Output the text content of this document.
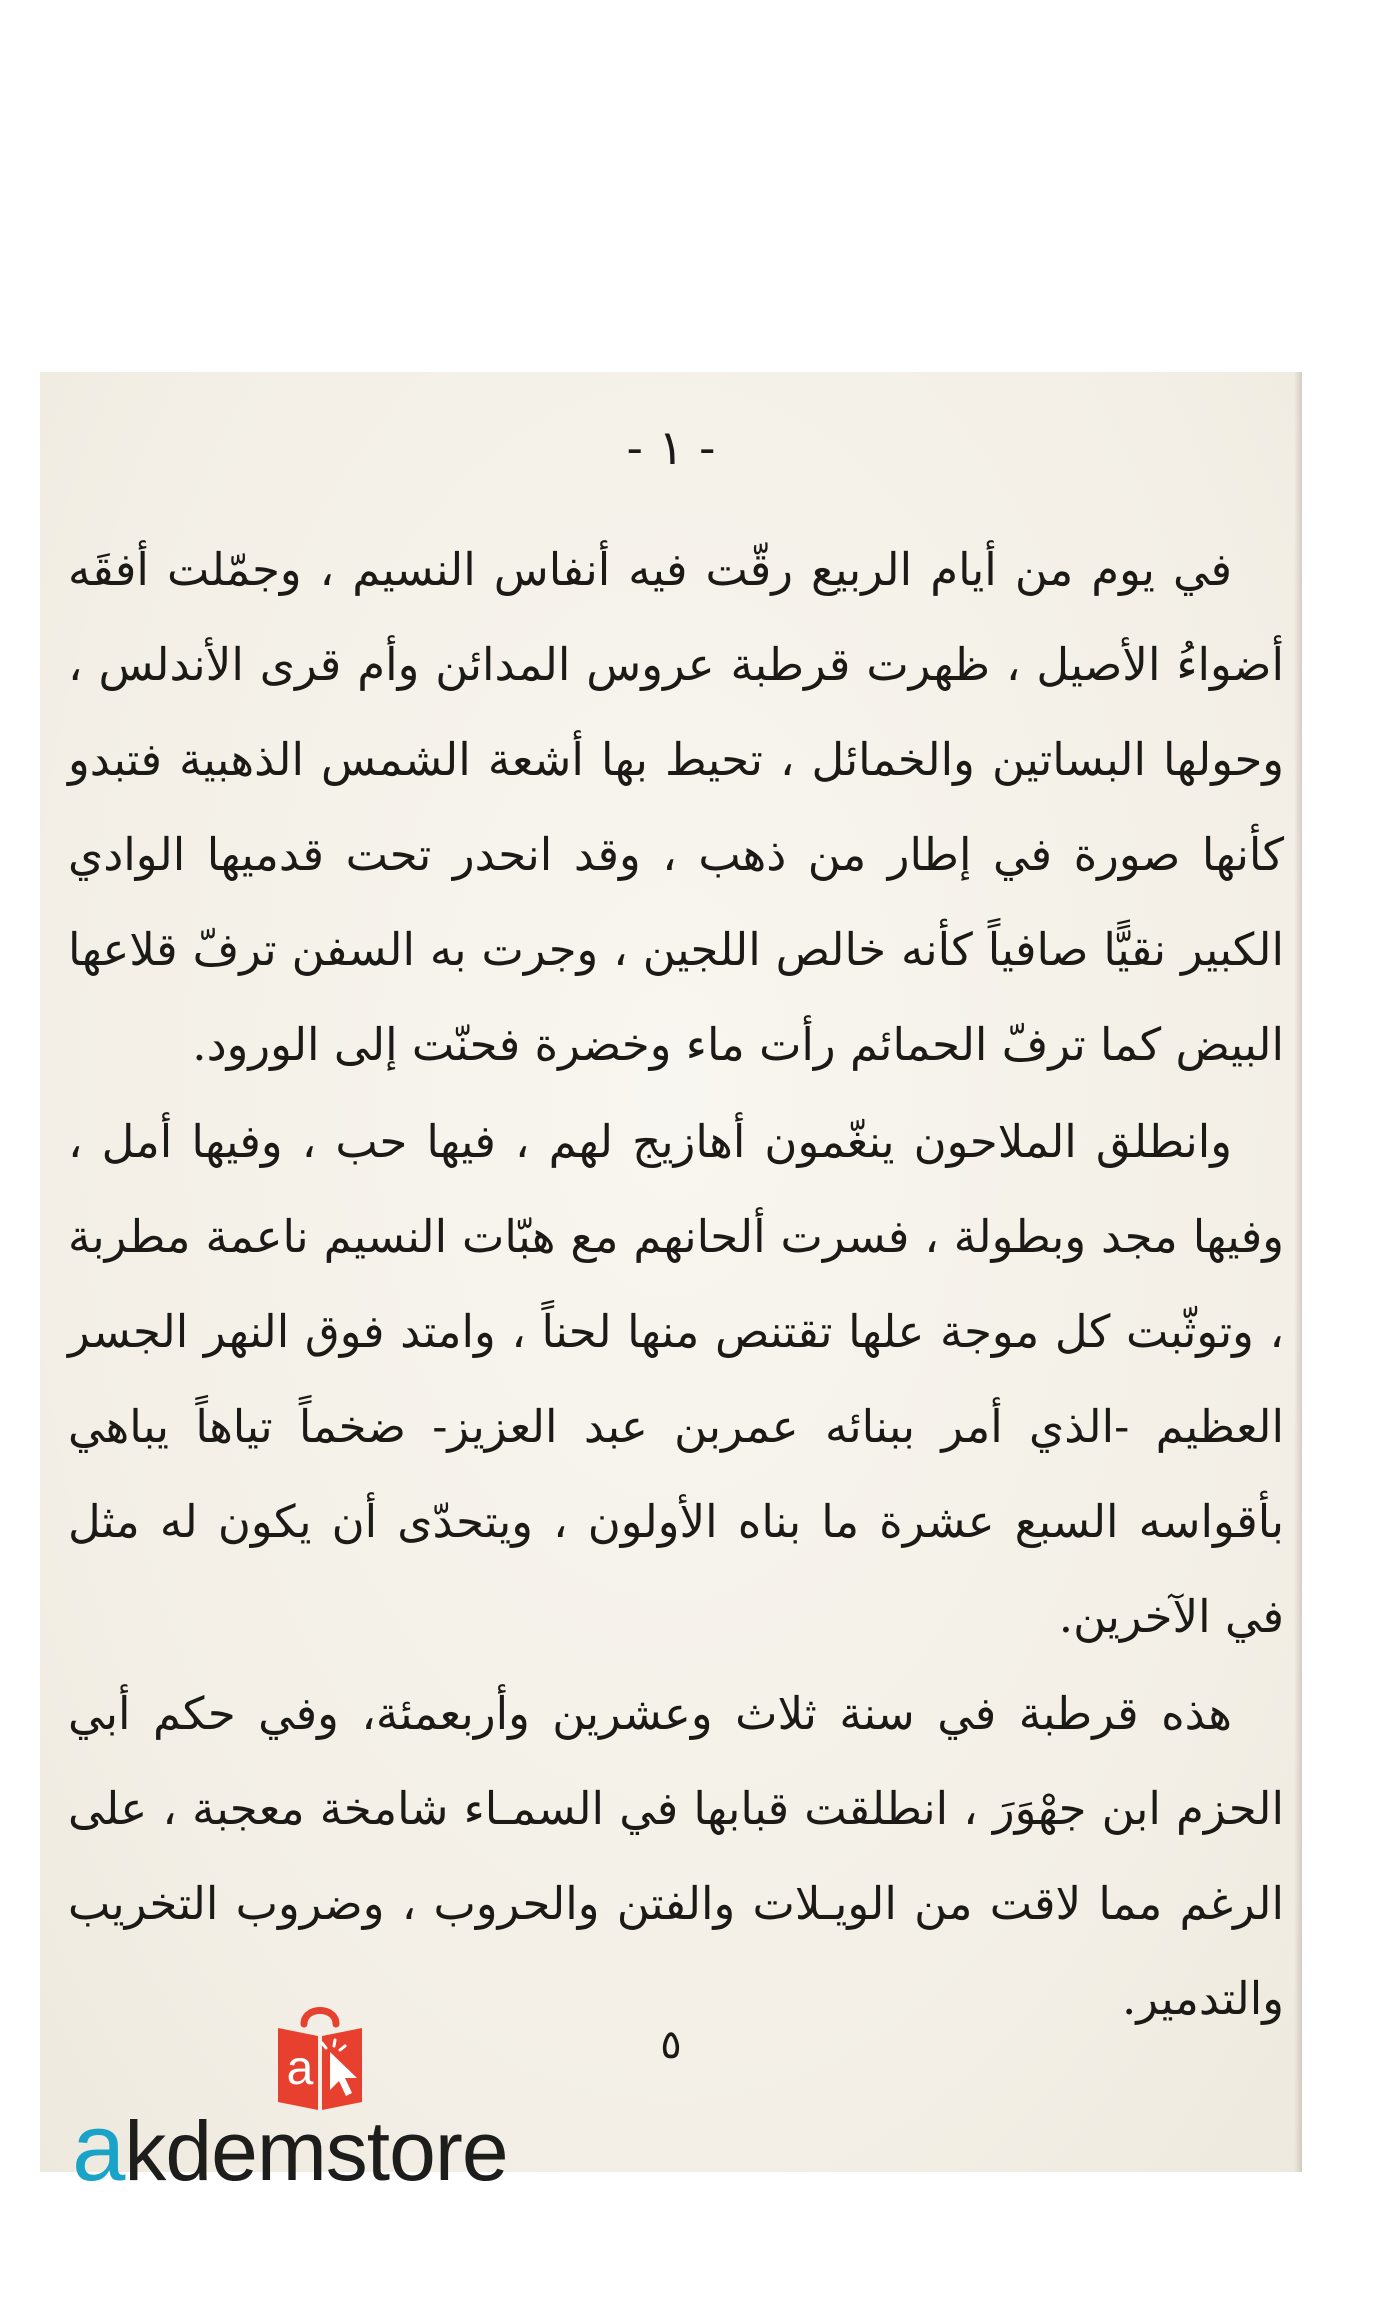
- ١ -

في يوم من أيام الربيع رقّت فيه أنفاس النسيم ، وجمّلت أفقَه أضواءُ الأصيل ، ظهرت قرطبة عروس المدائن وأم قرى الأندلس ، وحولها البساتين والخمائل ، تحيط بها أشعة الشمس الذهبية فتبدو كأنها صورة في إطار من ذهب ، وقد انحدر تحت قدميها الوادي الكبير نقيًّا صافياً كأنه خالص اللجين ، وجرت به السفن ترفّ قلاعها البيض كما ترفّ الحمائم رأت ماء وخضرة فحنّت إلى الورود.

وانطلق الملاحون ينغّمون أهازيج لهم ، فيها حب ، وفيها أمل ، وفيها مجد وبطولة ، فسرت ألحانهم مع هبّات النسيم ناعمة مطربة ، وتوثّبت كل موجة علها تقتنص منها لحناً ، وامتد فوق النهر الجسر العظيم -الذي أمر ببنائه عمربن عبد العزيز- ضخماً تياهاً يباهي بأقواسه السبع عشرة ما بناه الأولون ، ويتحدّى أن يكون له مثل في الآخرين.

هذه قرطبة في سنة ثلاث وعشرين وأربعمئة، وفي حكم أبي الحزم ابن جهْوَرَ ، انطلقت قبابها في السمـاء شامخة معجبة ، على الرغم مما لاقت من الويـلات والفتن والحروب ، وضروب التخريب والتدمير.

٥
a
akdemstore
